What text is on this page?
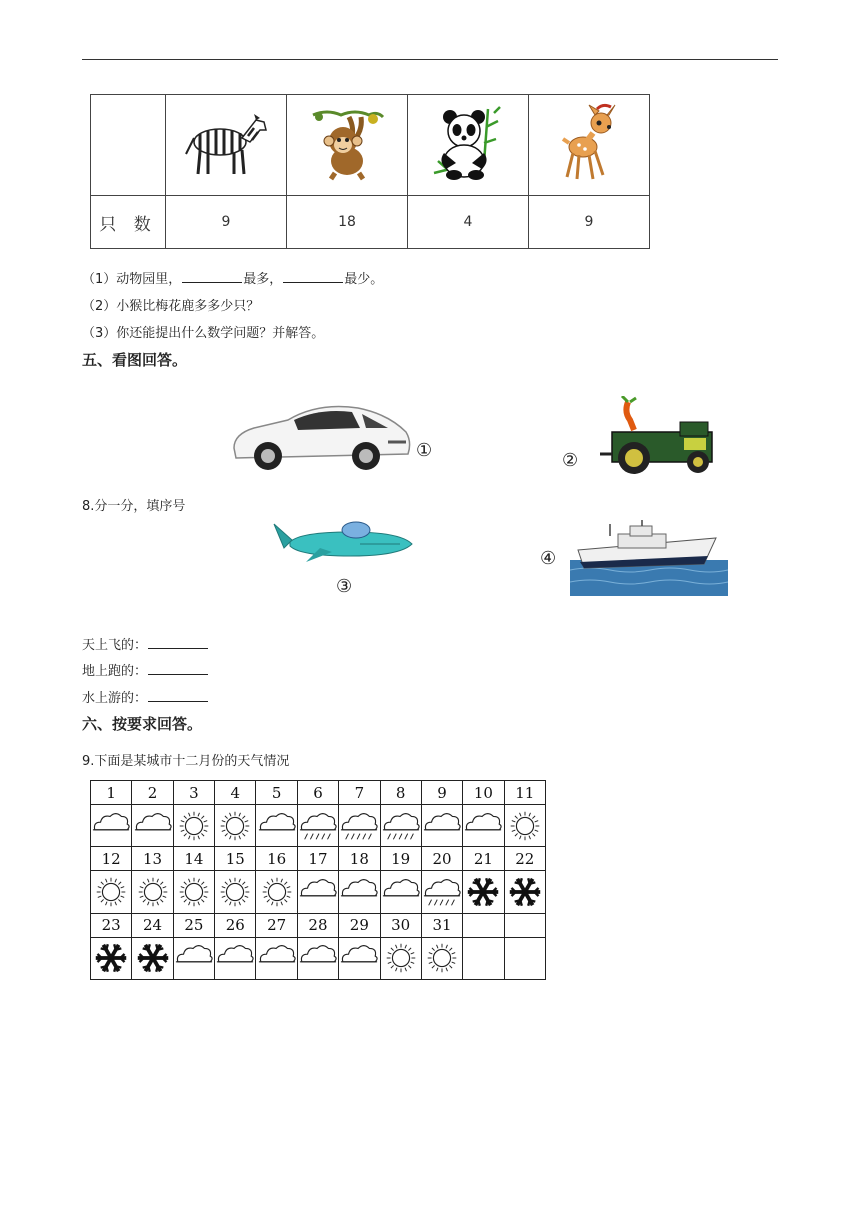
只 数	9	18	4	9
（1）动物园里，	最多，	最少。
（2）小猴比梅花鹿多多少只？
（3）你还能提出什么数学问题？并解答。
五、看图回答。
①	②
8.分一分，填序号
③
④
天上飞的：
地上跑的：
水上游的：
六、按要求回答。
9.下面是某城市十二月份的天气情况
1	2	3	4	5	6	7	8	9	10	11

12	13	14	15	16	17	18	19	20	21	22

23	24	25	26	27	28	29	30	31		
